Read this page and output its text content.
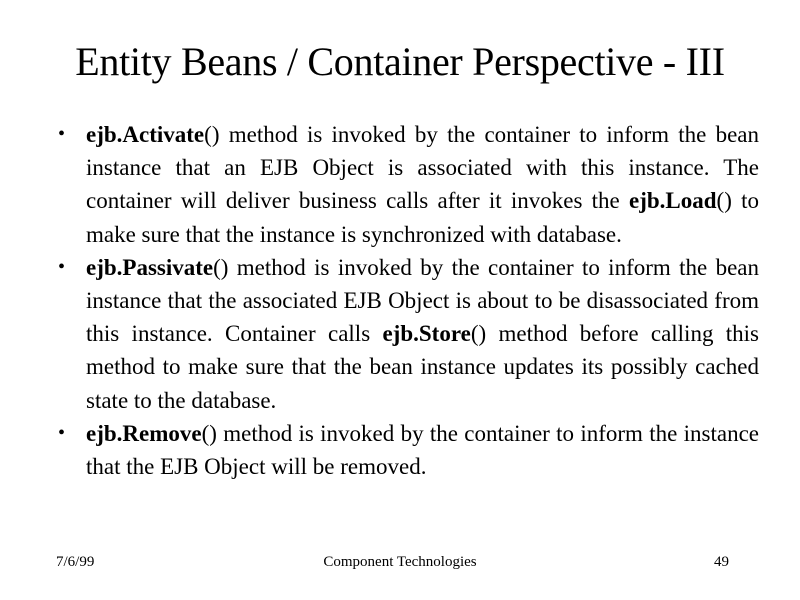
Entity Beans / Container Perspective - III
• ejb.Activate() method is invoked by the container to inform the bean instance that an EJB Object is associated with this instance. The container will deliver business calls after it invokes the ejb.Load() to make sure that the instance is synchronized with database.
• ejb.Passivate() method is invoked by the container to inform the bean instance that the associated EJB Object is about to be disassociated from this instance. Container calls ejb.Store() method before calling this method to make sure that the bean instance updates its possibly cached state to the database.
• ejb.Remove() method is invoked by the container to inform the instance that the EJB Object will be removed.
7/6/99	Component Technologies	49
